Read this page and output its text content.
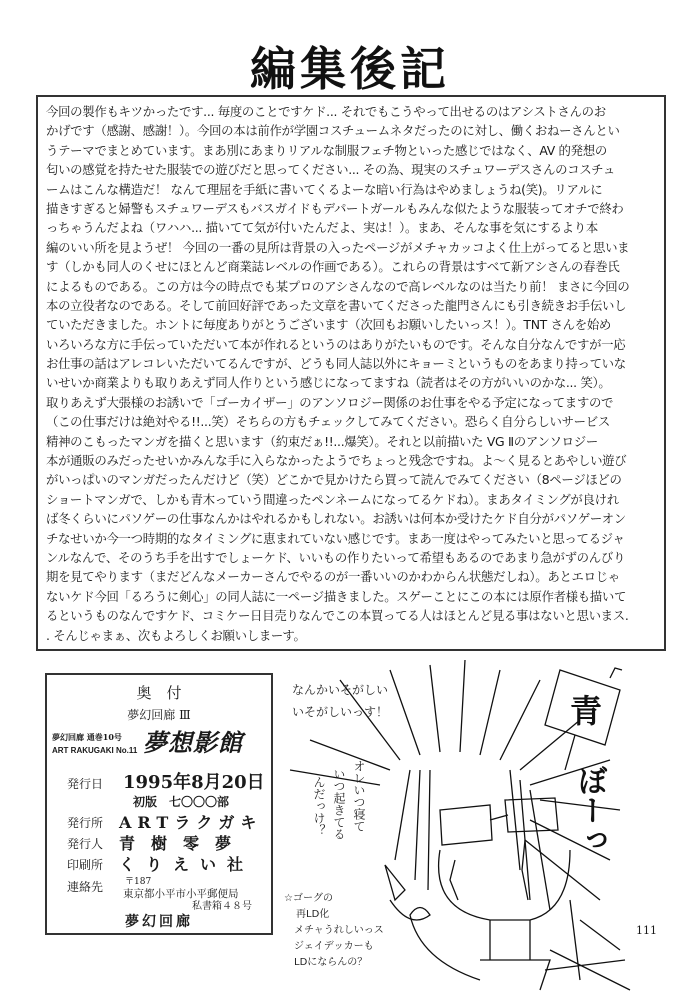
編集後記
今回の製作もキツかったです... 毎度のことですケド... それでもこうやって出せるのはアシストさんのお
かげです（感謝、感謝！）。今回の本は前作が学園コスチュームネタだったのに対し、働くおねーさんとい
うテーマでまとめています。まあ別にあまりリアルな制服フェチ物といった感じではなく、AV 的発想の
匂いの感覚を持たせた服装での遊びだと思ってください... その為、現実のスチュワーデスさんのコスチュ
ームはこんな構造だ！ なんて理屈を手紙に書いてくるよーな暗い行為はやめましょうね(笑)。リアルに
描きすぎると婦警もスチュワーデスもバスガイドもデパートガールもみんな似たような服装ってオチで終わ
っちゃうんだよね（ワハハ... 描いてて気が付いたんだよ、実は！）。まあ、そんな事を気にするより本
編のいい所を見ようぜ！ 今回の一番の見所は背景の入ったページがメチャカッコよく仕上がってると思いま
す（しかも同人のくせにほとんど商業誌レベルの作画である）。これらの背景はすべて新アシさんの春巻氏
によるものである。この方は今の時点でも某プロのアシさんなので高レベルなのは当たり前！ まさに今回の
本の立役者なのである。そして前回好評であった文章を書いてくださった龍門さんにも引き続きお手伝いし
ていただきました。ホントに毎度ありがとうございます（次回もお願いしたいっス！）。TNT さんを始め
いろいろな方に手伝っていただいて本が作れるというのはありがたいものです。そんな自分なんですが一応
お仕事の話はアレコレいただいてるんですが、どうも同人誌以外にキョーミというものをあまり持っていな
いせいか商業よりも取りあえず同人作りという感じになってますね（読者はその方がいいのかな... 笑）。
取りあえず大張様のお誘いで「ゴーカイザー」のアンソロジー関係のお仕事をやる予定になってますので
（この仕事だけは絶対やる!!...笑）そちらの方もチェックしてみてください。恐らく自分らしいサービス
精神のこもったマンガを描くと思います（約束だぁ!!...爆笑）。それと以前描いた VG Ⅱのアンソロジー
本が通販のみだったせいかみんな手に入らなかったようでちょっと残念ですね。よ～く見るとあやしい遊び
がいっぱいのマンガだったんだけど（笑）どこかで見かけたら買って読んでみてください（8ページほどの
ショートマンガで、しかも青木っていう間違ったペンネームになってるケドね）。まあタイミングが良けれ
ば冬くらいにパソゲーの仕事なんかはやれるかもしれない。お誘いは何本か受けたケド自分がパソゲーオン
チなせいか今一つ時期的なタイミングに恵まれていない感じです。まあ一度はやってみたいと思ってるジャ
ンルなんで、そのうち手を出すでしょーケド、いいもの作りたいって希望もあるのであまり急がずのんびり
期を見てやります（まだどんなメーカーさんでやるのが一番いいのかわからん状態だしね）。あとエロじゃ
ないケド今回「るろうに剣心」の同人誌に一ページ描きました。スゲーことにこの本には原作者様も描いて
るというものなんですケド、コミケー日目売りなんでこの本買ってる人はほとんど見る事はないと思いまス.
. そんじゃまぁ、次もよろしくお願いしまーす。
奥　付
夢幻回廊 Ⅲ
夢幻回廊 通巻10号
ART RAKUGAKI No.11 夢想影館
発行日 1995年8月20日
初版　七〇〇〇部
発行所 ARTラクガキ
発行人 青樹零夢
印刷所 くりえい社
連絡先 〒187
東京都小平市小平郵便局
私書箱４８号
夢幻回廊
青
ぼーっ
なんかいそがしい
いそがしいっす！
オレいつ寝て
いつ起きてる
んだっけ？
☆ゴーグの
再LD化
メチャうれしいっス
ジェイデッカーも
LDにならんの？
111
